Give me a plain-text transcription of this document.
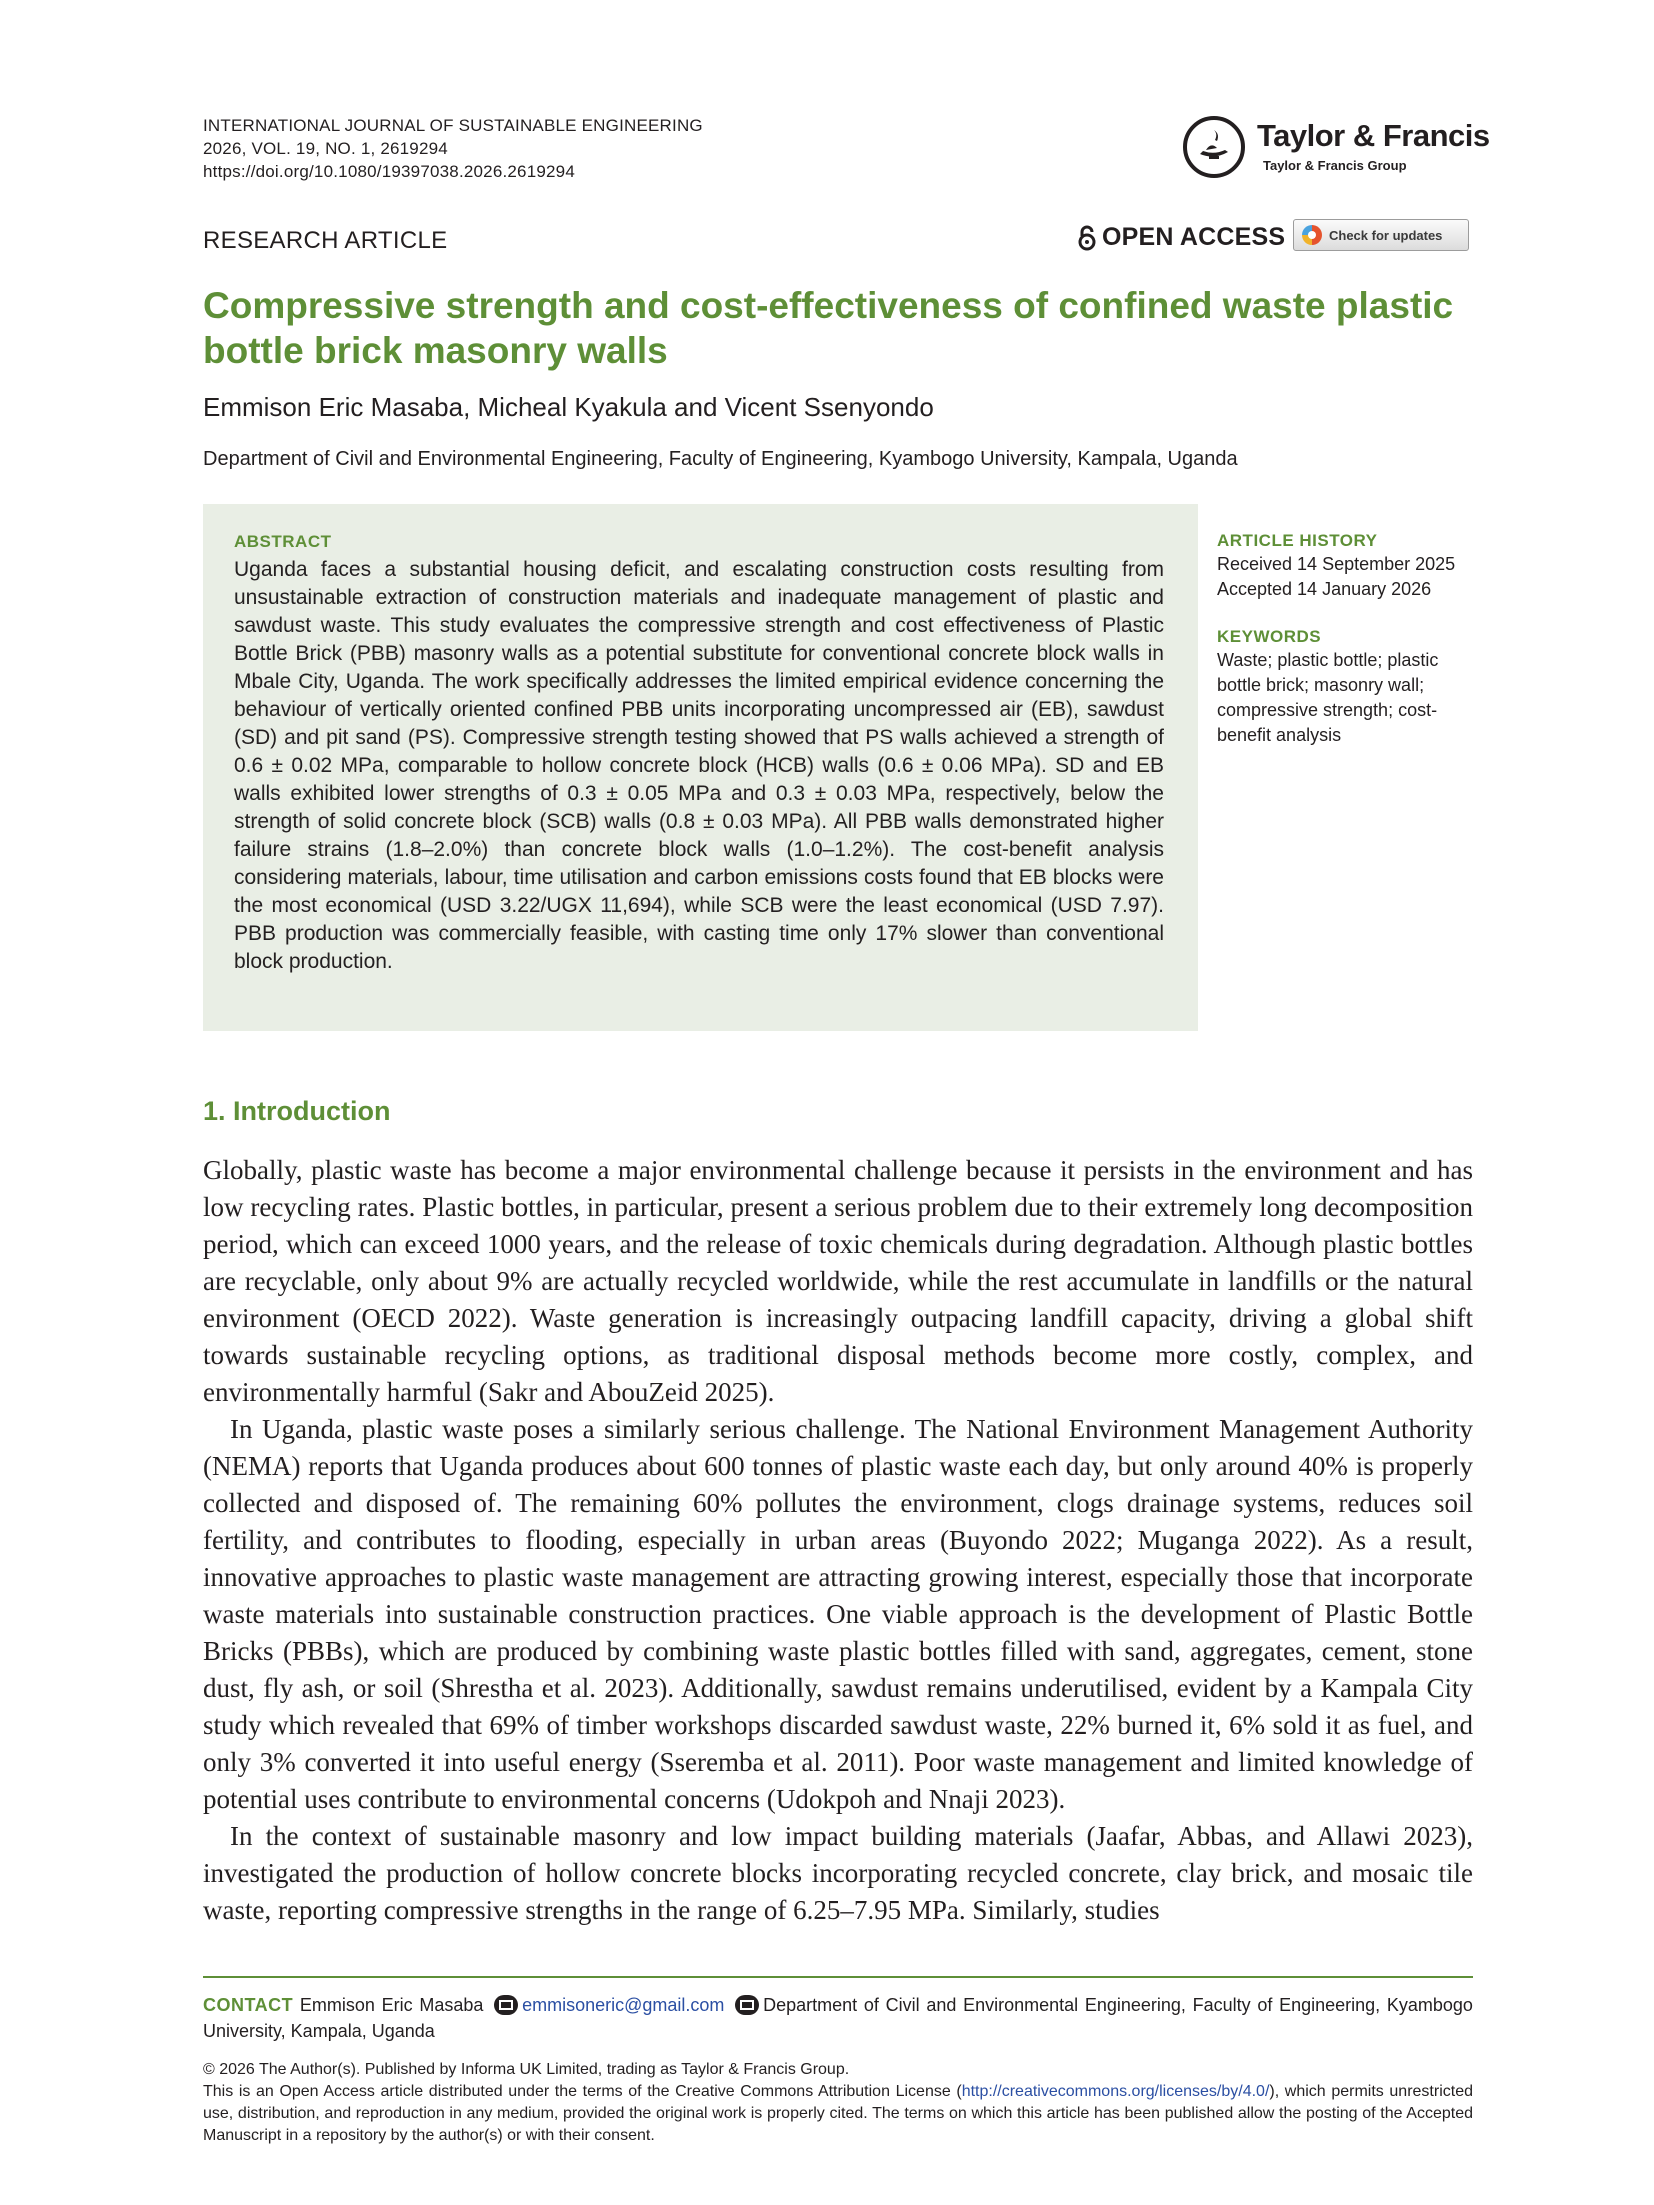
INTERNATIONAL JOURNAL OF SUSTAINABLE ENGINEERING
2026, VOL. 19, NO. 1, 2619294
https://doi.org/10.1080/19397038.2026.2619294
Taylor & Francis
Taylor & Francis Group
RESEARCH ARTICLE	OPEN ACCESS	Check for updates
Compressive strength and cost-effectiveness of confined waste plastic bottle brick masonry walls
Emmison Eric Masaba, Micheal Kyakula and Vicent Ssenyondo
Department of Civil and Environmental Engineering, Faculty of Engineering, Kyambogo University, Kampala, Uganda
ABSTRACT
Uganda faces a substantial housing deficit, and escalating construction costs resulting from unsustainable extraction of construction materials and inadequate management of plastic and sawdust waste. This study evaluates the compressive strength and cost effectiveness of Plastic Bottle Brick (PBB) masonry walls as a potential substitute for conventional concrete block walls in Mbale City, Uganda. The work specifically addresses the limited empirical evidence concerning the behaviour of vertically oriented confined PBB units incorporating uncompressed air (EB), sawdust (SD) and pit sand (PS). Compressive strength testing showed that PS walls achieved a strength of 0.6 ± 0.02 MPa, comparable to hollow concrete block (HCB) walls (0.6 ± 0.06 MPa). SD and EB walls exhibited lower strengths of 0.3 ± 0.05 MPa and 0.3 ± 0.03 MPa, respectively, below the strength of solid concrete block (SCB) walls (0.8 ± 0.03 MPa). All PBB walls demonstrated higher failure strains (1.8–2.0%) than concrete block walls (1.0–1.2%). The cost-benefit analysis considering materials, labour, time utilisation and carbon emissions costs found that EB blocks were the most economical (USD 3.22/UGX 11,694), while SCB were the least economical (USD 7.97). PBB production was commercially feasible, with casting time only 17% slower than conventional block production.
ARTICLE HISTORY
Received 14 September 2025
Accepted 14 January 2026
KEYWORDS
Waste; plastic bottle; plastic bottle brick; masonry wall; compressive strength; cost-benefit analysis
1. Introduction

Globally, plastic waste has become a major environmental challenge because it persists in the environment and has low recycling rates. Plastic bottles, in particular, present a serious problem due to their extremely long decomposition period, which can exceed 1000 years, and the release of toxic chemicals during degradation. Although plastic bottles are recyclable, only about 9% are actually recycled worldwide, while the rest accumulate in landfills or the natural environment (OECD 2022). Waste generation is increasingly outpacing landfill capacity, driving a global shift towards sustainable recycling options, as traditional disposal methods become more costly, complex, and environmentally harmful (Sakr and AbouZeid 2025).

In Uganda, plastic waste poses a similarly serious challenge. The National Environment Management Authority (NEMA) reports that Uganda produces about 600 tonnes of plastic waste each day, but only around 40% is properly collected and disposed of. The remaining 60% pollutes the environment, clogs drainage systems, reduces soil fertility, and contributes to flooding, especially in urban areas (Buyondo 2022; Muganga 2022). As a result, innovative approaches to plastic waste management are attracting growing interest, especially those that incorporate waste materials into sustainable construction practices. One viable approach is the development of Plastic Bottle Bricks (PBBs), which are produced by combining waste plastic bottles filled with sand, aggregates, cement, stone dust, fly ash, or soil (Shrestha et al. 2023). Additionally, sawdust remains underutilised, evident by a Kampala City study which revealed that 69% of timber workshops discarded sawdust waste, 22% burned it, 6% sold it as fuel, and only 3% converted it into useful energy (Sseremba et al. 2011). Poor waste management and limited knowledge of potential uses contribute to environmental concerns (Udokpoh and Nnaji 2023).

In the context of sustainable masonry and low impact building materials (Jaafar, Abbas, and Allawi 2023), investigated the production of hollow concrete blocks incorporating recycled concrete, clay brick, and mosaic tile waste, reporting compressive strengths in the range of 6.25–7.95 MPa. Similarly, studies

CONTACT Emmison Eric Masaba emmisoneric@gmail.com Department of Civil and Environmental Engineering, Faculty of Engineering, Kyambogo University, Kampala, Uganda
© 2026 The Author(s). Published by Informa UK Limited, trading as Taylor & Francis Group.
This is an Open Access article distributed under the terms of the Creative Commons Attribution License (http://creativecommons.org/licenses/by/4.0/), which permits unrestricted use, distribution, and reproduction in any medium, provided the original work is properly cited. The terms on which this article has been published allow the posting of the Accepted Manuscript in a repository by the author(s) or with their consent.
